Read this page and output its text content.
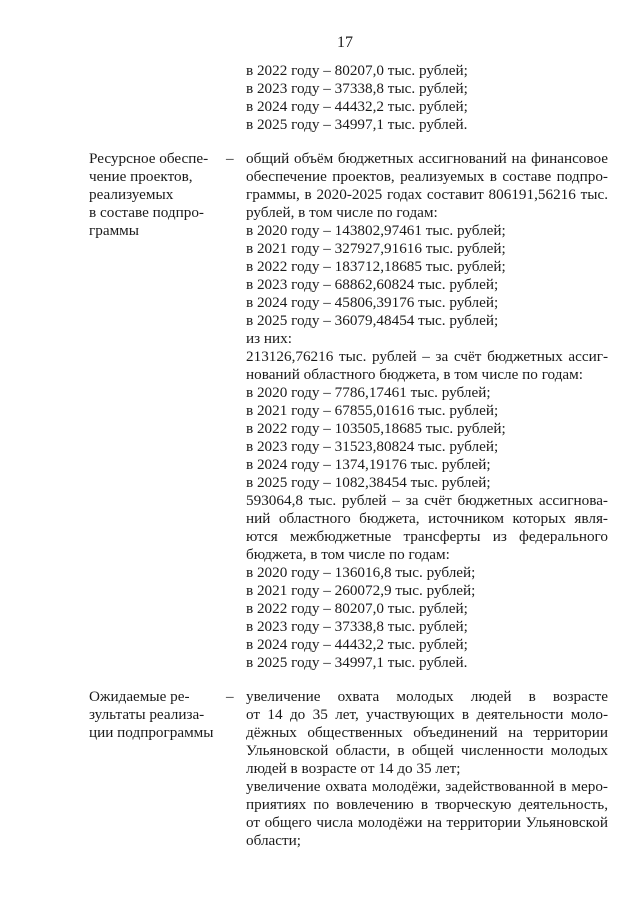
17
в 2022 году – 80207,0 тыс. рублей;
в 2023 году – 37338,8 тыс. рублей;
в 2024 году – 44432,2 тыс. рублей;
в 2025 году – 34997,1 тыс. рублей.
Ресурсное обеспе-
чение проектов,
реализуемых
в составе подпро-
граммы
– общий объём бюджетных ассигнований на финансовое
обеспечение проектов, реализуемых в составе подпро-
граммы, в 2020-2025 годах составит 806191,56216 тыс.
рублей, в том числе по годам:
в 2020 году – 143802,97461 тыс. рублей;
в 2021 году – 327927,91616 тыс. рублей;
в 2022 году – 183712,18685 тыс. рублей;
в 2023 году – 68862,60824 тыс. рублей;
в 2024 году – 45806,39176 тыс. рублей;
в 2025 году – 36079,48454 тыс. рублей;
из них:
213126,76216 тыс. рублей – за счёт бюджетных ассиг-
нований областного бюджета, в том числе по годам:
в 2020 году – 7786,17461 тыс. рублей;
в 2021 году – 67855,01616 тыс. рублей;
в 2022 году – 103505,18685 тыс. рублей;
в 2023 году – 31523,80824 тыс. рублей;
в 2024 году – 1374,19176 тыс. рублей;
в 2025 году – 1082,38454 тыс. рублей;
593064,8 тыс. рублей – за счёт бюджетных ассигнова-
ний областного бюджета, источником которых явля-
ются межбюджетные трансферты из федерального
бюджета, в том числе по годам:
в 2020 году – 136016,8 тыс. рублей;
в 2021 году – 260072,9 тыс. рублей;
в 2022 году – 80207,0 тыс. рублей;
в 2023 году – 37338,8 тыс. рублей;
в 2024 году – 44432,2 тыс. рублей;
в 2025 году – 34997,1 тыс. рублей.
Ожидаемые ре-
зультаты реализа-
ции подпрограммы
– увеличение охвата молодых людей в возрасте
от 14 до 35 лет, участвующих в деятельности моло-
дёжных общественных объединений на территории
Ульяновской области, в общей численности молодых
людей в возрасте от 14 до 35 лет;
увеличение охвата молодёжи, задействованной в меро-
приятиях по вовлечению в творческую деятельность,
от общего числа молодёжи на территории Ульяновской
области;
